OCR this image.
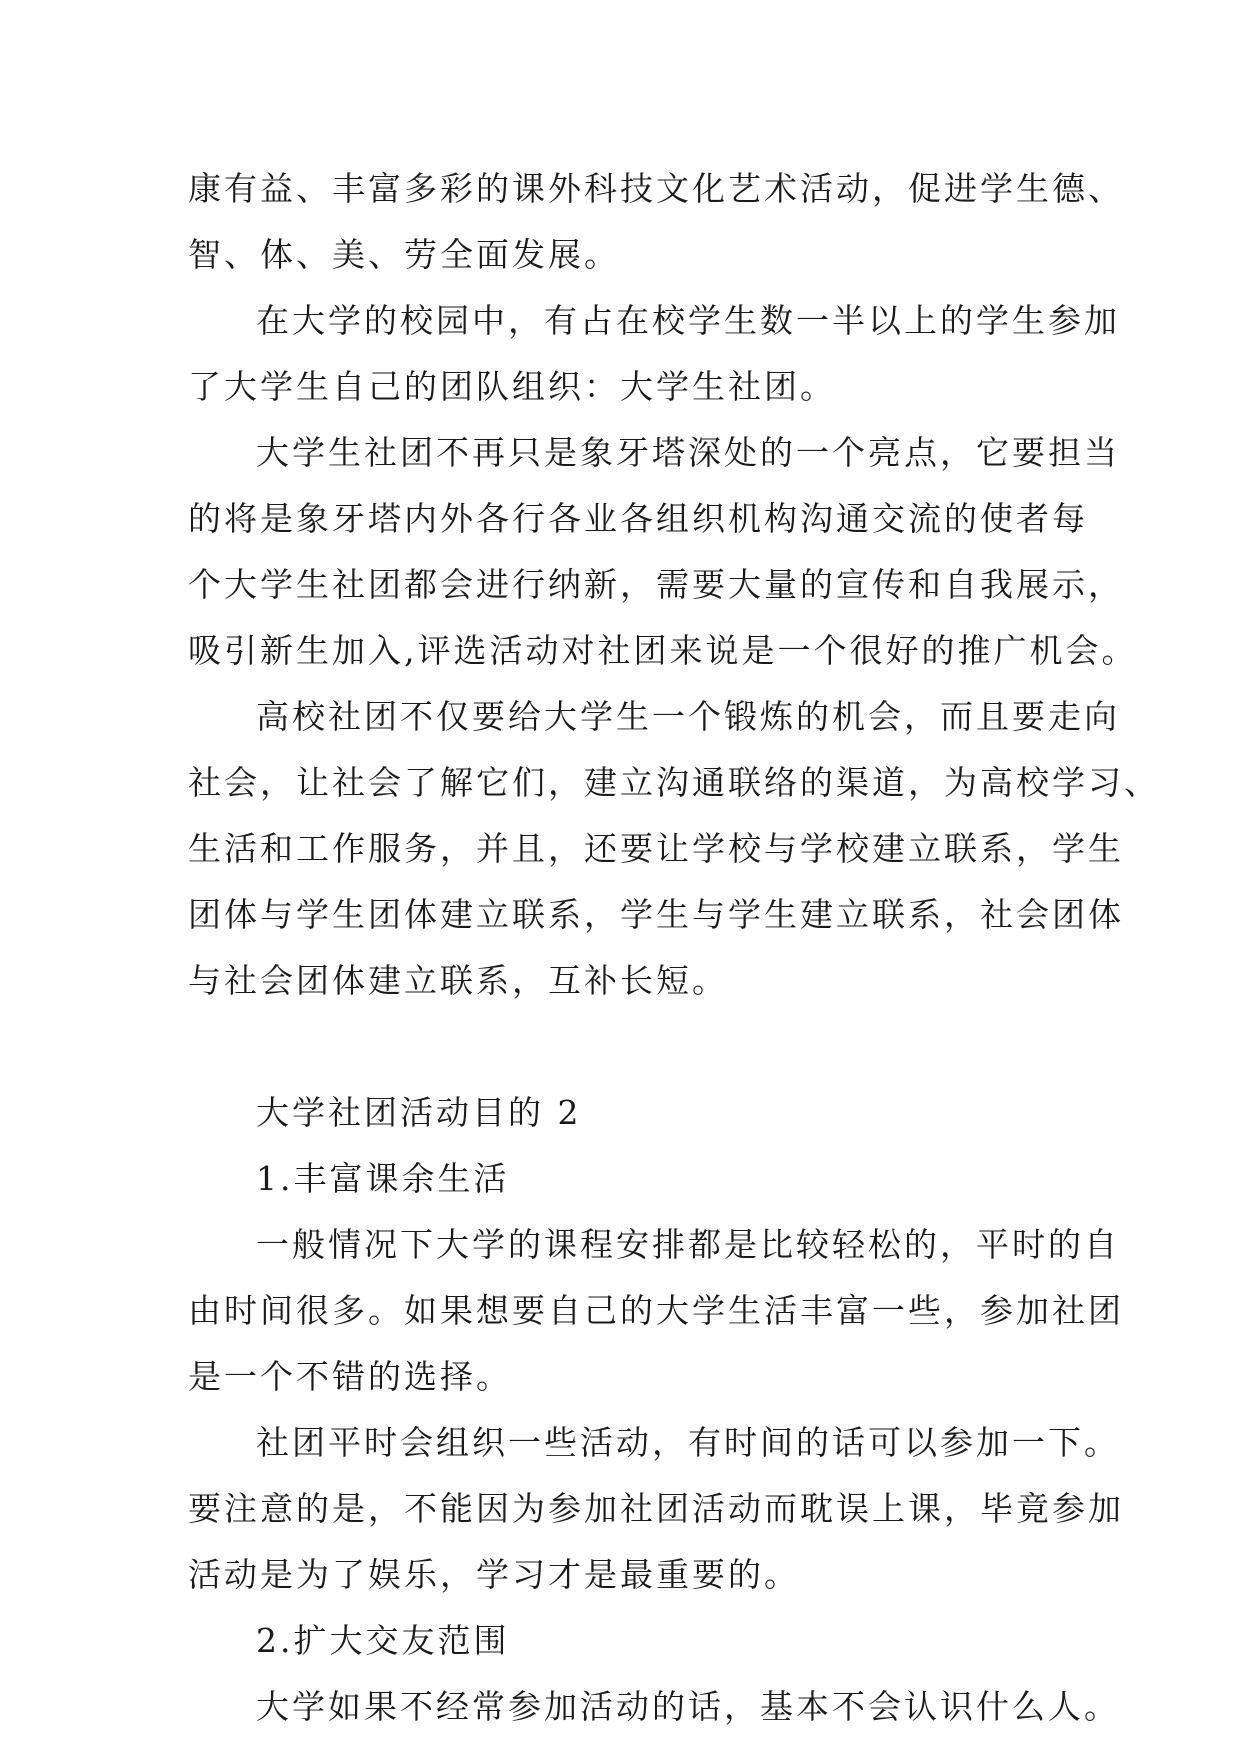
康有益、丰富多彩的课外科技文化艺术活动，促进学生德、
智、体、美、劳全面发展。
在大学的校园中，有占在校学生数一半以上的学生参加
了大学生自己的团队组织：大学生社团。
大学生社团不再只是象牙塔深处的一个亮点，它要担当
的将是象牙塔内外各行各业各组织机构沟通交流的使者每
个大学生社团都会进行纳新，需要大量的宣传和自我展示，
吸引新生加入,评选活动对社团来说是一个很好的推广机会。
高校社团不仅要给大学生一个锻炼的机会，而且要走向
社会，让社会了解它们，建立沟通联络的渠道，为高校学习、
生活和工作服务，并且，还要让学校与学校建立联系，学生
团体与学生团体建立联系，学生与学生建立联系，社会团体
与社会团体建立联系，互补长短。
大学社团活动目的 2
1.丰富课余生活
一般情况下大学的课程安排都是比较轻松的，平时的自
由时间很多。如果想要自己的大学生活丰富一些，参加社团
是一个不错的选择。
社团平时会组织一些活动，有时间的话可以参加一下。
要注意的是，不能因为参加社团活动而耽误上课，毕竟参加
活动是为了娱乐，学习才是最重要的。
2.扩大交友范围
大学如果不经常参加活动的话，基本不会认识什么人。
